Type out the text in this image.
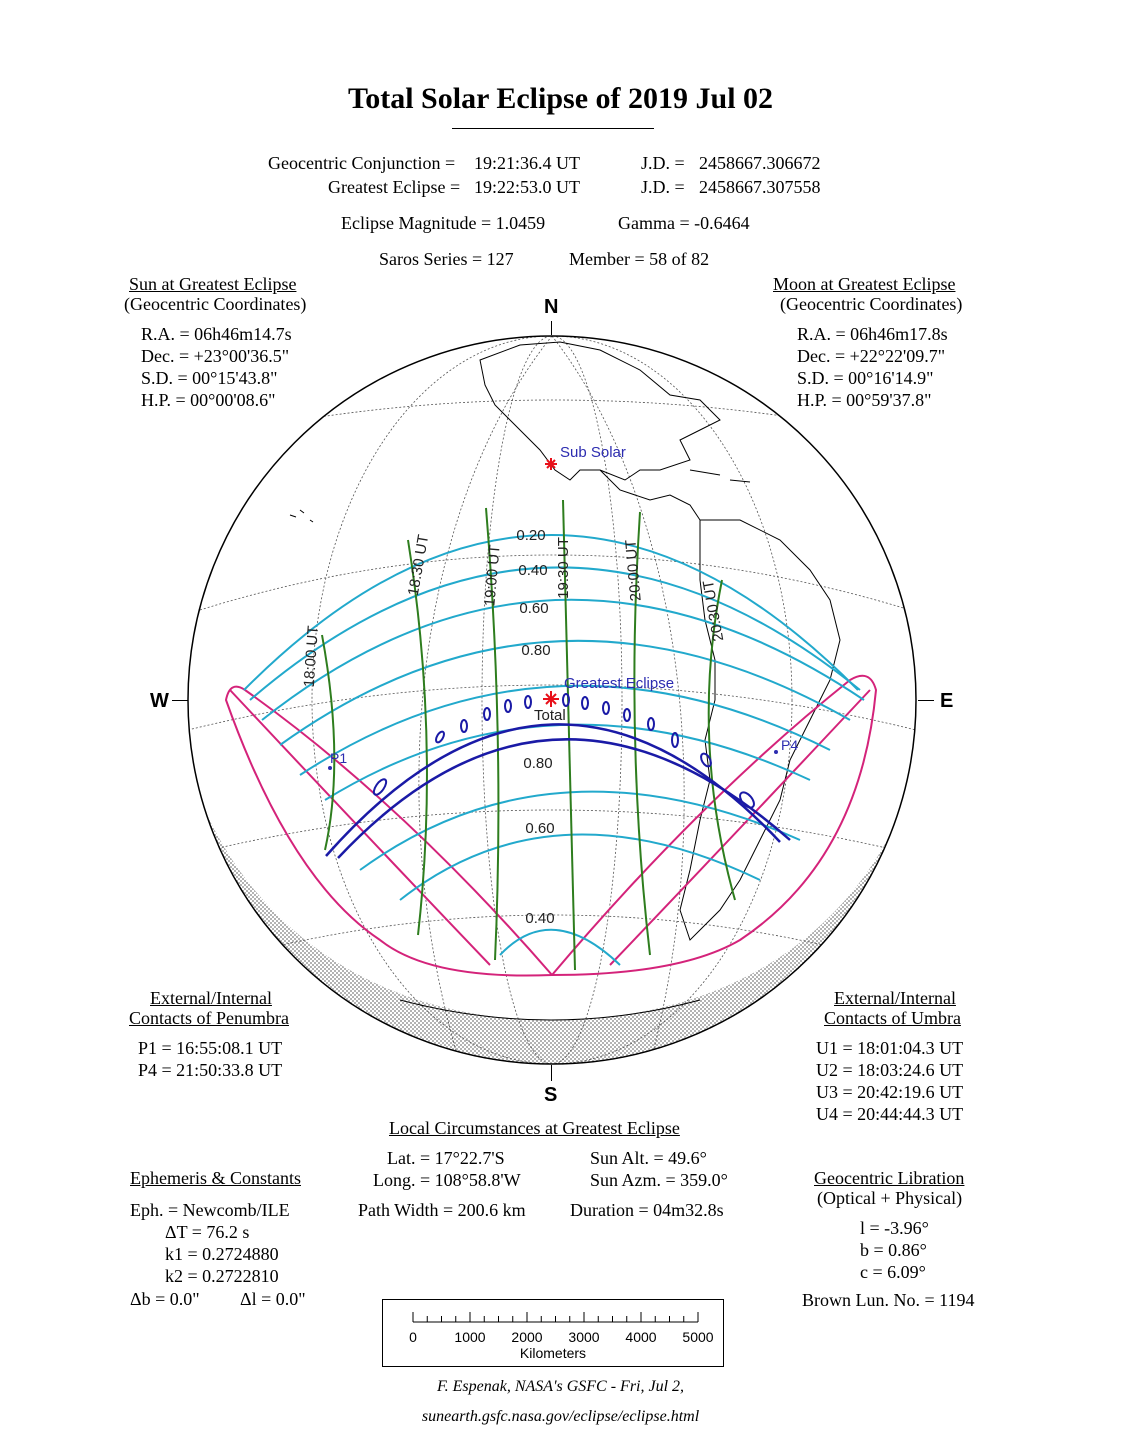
Total Solar Eclipse of 2019 Jul 02
Geocentric Conjunction = 19:21:36.4 UT	J.D. = 2458667.306672
Greatest Eclipse = 19:22:53.0 UT	J.D. = 2458667.307558
Eclipse Magnitude = 1.0459	Gamma = -0.6464
Saros Series = 127	Member = 58 of 82
Sun at Greatest Eclipse
(Geocentric Coordinates)
R.A. = 06h46m14.7s
Dec. = +23°00'36.5"
S.D. = 00°15'43.8"
H.P. = 00°00'08.6"
Moon at Greatest Eclipse
(Geocentric Coordinates)
R.A. = 06h46m17.8s
Dec. = +22°22'09.7"
S.D. = 00°16'14.9"
H.P. = 00°59'37.8"
N
S
W	E
Sub Solar
Greatest Eclipse
Total
P1
P4
18:00 UT
18:30 UT	19:00 UT	19:30 UT	20:00 UT
20:30 UT
0.20
0.40
0.60
0.80
0.80
0.60
0.40
External/Internal
Contacts of Penumbra
P1 = 16:55:08.1 UT
P4 = 21:50:33.8 UT
External/Internal
Contacts of Umbra
U1 = 18:01:04.3 UT
U2 = 18:03:24.6 UT
U3 = 20:42:19.6 UT
U4 = 20:44:44.3 UT
Local Circumstances at Greatest Eclipse
Lat. = 17°22.7'S
Long. = 108°58.8'W
Sun Alt. = 49.6°
Sun Azm. = 359.0°
Path Width = 200.6 km Duration = 04m32.8s
Ephemeris & Constants
Eph. = Newcomb/ILE
ΔT = 76.2 s
k1 = 0.2724880
k2 = 0.2722810
Δb = 0.0" Δl = 0.0"
Geocentric Libration
(Optical + Physical)
l = -3.96°
b = 0.86°
c = 6.09°
Brown Lun. No. = 1194
0	1000 2000 3000 4000 5000
Kilometers
F. Espenak, NASA's GSFC - Fri, Jul 2,
sunearth.gsfc.nasa.gov/eclipse/eclipse.html
